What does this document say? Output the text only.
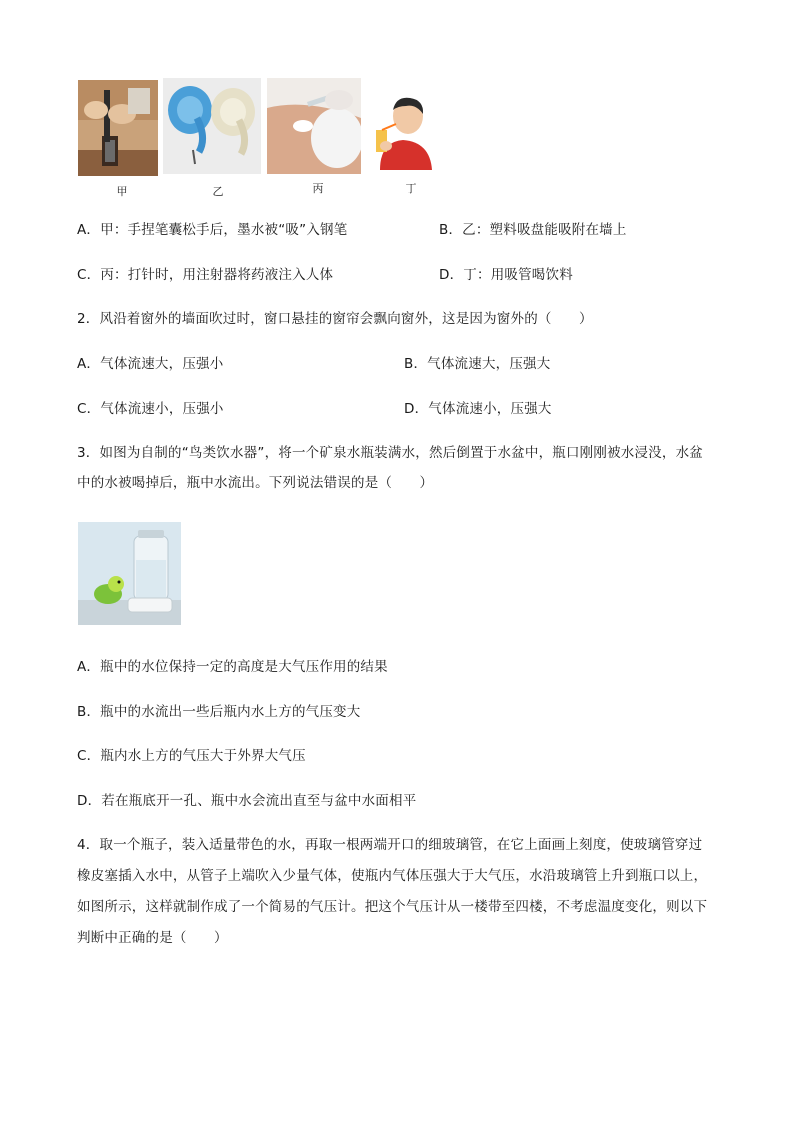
甲	乙	丙	丁
A．甲：手捏笔囊松手后，墨水被“吸”入钢笔	B．乙：塑料吸盘能吸附在墙上
C．丙：打针时，用注射器将药液注入人体	D．丁：用吸管喝饮料
2．风沿着窗外的墙面吹过时，窗口悬挂的窗帘会飘向窗外，这是因为窗外的（　　）
A．气体流速大，压强小	B．气体流速大，压强大
C．气体流速小，压强小	D．气体流速小，压强大
3．如图为自制的“鸟类饮水器”，将一个矿泉水瓶装满水，然后倒置于水盆中，瓶口刚刚被水浸没，水盆
中的水被喝掉后，瓶中水流出。下列说法错误的是（　　）
A．瓶中的水位保持一定的高度是大气压作用的结果
B．瓶中的水流出一些后瓶内水上方的气压变大
C．瓶内水上方的气压大于外界大气压
D．若在瓶底开一孔、瓶中水会流出直至与盆中水面相平
4．取一个瓶子，装入适量带色的水，再取一根两端开口的细玻璃管，在它上面画上刻度，使玻璃管穿过
橡皮塞插入水中，从管子上端吹入少量气体，使瓶内气体压强大于大气压，水沿玻璃管上升到瓶口以上，
如图所示，这样就制作成了一个简易的气压计。把这个气压计从一楼带至四楼，不考虑温度变化，则以下
判断中正确的是（　　）
